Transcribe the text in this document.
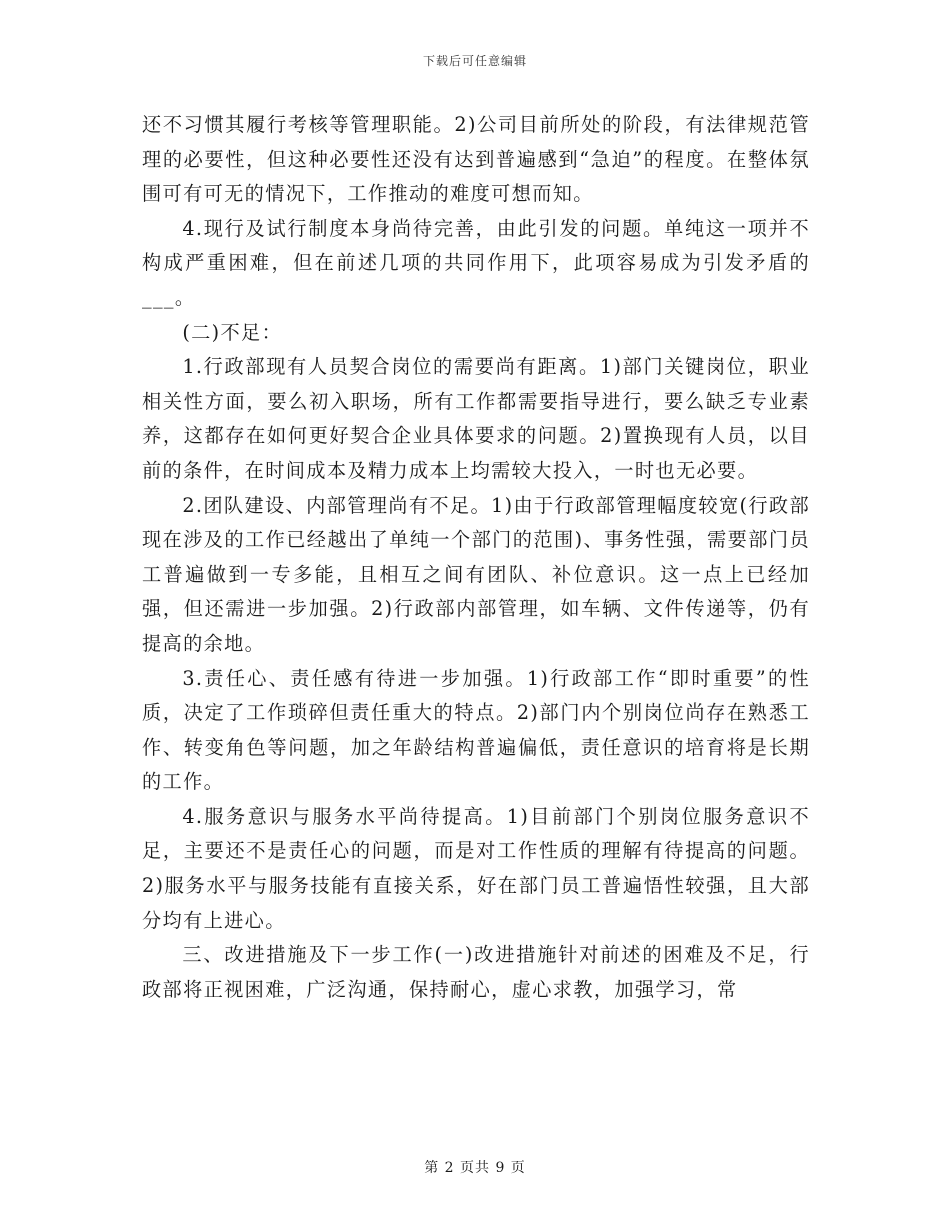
下载后可任意编辑

还不习惯其履行考核等管理职能。2)公司目前所处的阶段，有法律规范管理的必要性，但这种必要性还没有达到普遍感到“急迫”的程度。在整体氛围可有可无的情况下，工作推动的难度可想而知。

4.现行及试行制度本身尚待完善，由此引发的问题。单纯这一项并不构成严重困难，但在前述几项的共同作用下，此项容易成为引发矛盾的___。

(二)不足：

1.行政部现有人员契合岗位的需要尚有距离。1)部门关键岗位，职业相关性方面，要么初入职场，所有工作都需要指导进行，要么缺乏专业素养，这都存在如何更好契合企业具体要求的问题。2)置换现有人员，以目前的条件，在时间成本及精力成本上均需较大投入，一时也无必要。

2.团队建设、内部管理尚有不足。1)由于行政部管理幅度较宽(行政部现在涉及的工作已经越出了单纯一个部门的范围)、事务性强，需要部门员工普遍做到一专多能，且相互之间有团队、补位意识。这一点上已经加强，但还需进一步加强。2)行政部内部管理，如车辆、文件传递等，仍有提高的余地。

3.责任心、责任感有待进一步加强。1)行政部工作“即时重要”的性质，决定了工作琐碎但责任重大的特点。2)部门内个别岗位尚存在熟悉工作、转变角色等问题，加之年龄结构普遍偏低，责任意识的培育将是长期的工作。

4.服务意识与服务水平尚待提高。1)目前部门个别岗位服务意识不足，主要还不是责任心的问题，而是对工作性质的理解有待提高的问题。2)服务水平与服务技能有直接关系，好在部门员工普遍悟性较强，且大部分均有上进心。

三、改进措施及下一步工作(一)改进措施针对前述的困难及不足，行政部将正视困难，广泛沟通，保持耐心，虚心求教，加强学习，常

第 2 页共 9 页
